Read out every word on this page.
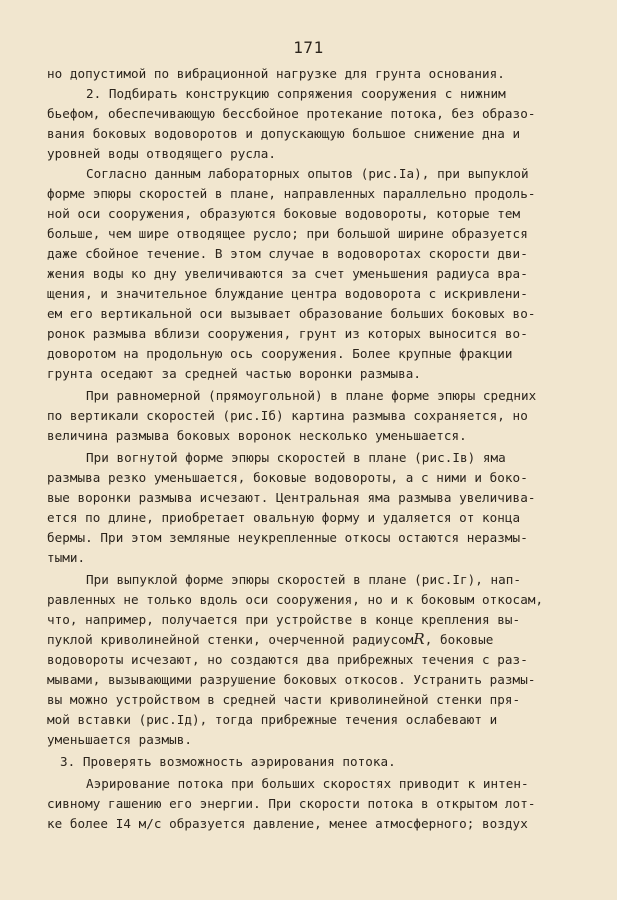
171
но допустимой по вибрационной нагрузке для грунта основания.
2. Подбирать конструкцию сопряжения сооружения с нижним
бьефом, обеспечивающую бессбойное протекание потока, без образо-
вания боковых водоворотов и допускающую большое снижение дна и
уровней воды отводящего русла.
Согласно данным лабораторных опытов (рис.Iа), при выпуклой
форме эпюры скоростей в плане, направленных параллельно продоль-
ной оси сооружения, образуются боковые водовороты, которые тем
больше, чем шире отводящее русло; при большой ширине образуется
даже сбойное течение. В этом случае в водоворотах скорости дви-
жения воды ко дну увеличиваются за счет уменьшения радиуса вра-
щения, и значительное блуждание центра водоворота с искривлени-
ем его вертикальной оси вызывает образование больших боковых во-
ронок размыва вблизи сооружения, грунт из которых выносится во-
доворотом на продольную ось сооружения. Более крупные фракции
грунта оседают за средней частью воронки размыва.
При равномерной (прямоугольной) в плане форме эпюры средних
по вертикали скоростей (рис.Iб) картина размыва сохраняется, но
величина размыва боковых воронок несколько уменьшается.
При вогнутой форме эпюры скоростей в плане (рис.Iв) яма
размыва резко уменьшается, боковые водовороты, а с ними и боко-
вые воронки размыва исчезают. Центральная яма размыва увеличива-
ется по длине, приобретает овальную форму и удаляется от конца
бермы. При этом земляные неукрепленные откосы остаются неразмы-
тыми.
При выпуклой форме эпюры скоростей в плане (рис.Iг), нап-
равленных не только вдоль оси сооружения, но и к боковым откосам,
что, например, получается при устройстве в конце крепления вы-
пуклой криволинейной стенки, очерченной радиусомR, боковые
водовороты исчезают, но создаются два прибрежных течения с раз-
мывами, вызывающими разрушение боковых откосов. Устранить размы-
вы можно устройством в средней части криволинейной стенки пря-
мой вставки (рис.Iд), тогда прибрежные течения ослабевают и
уменьшается размыв.
3. Проверять возможность аэрирования потока.
Аэрирование потока при больших скоростях приводит к интен-
сивному гашению его энергии. При скорости потока в открытом лот-
ке более I4 м/с образуется давление, менее атмосферного; воздух
